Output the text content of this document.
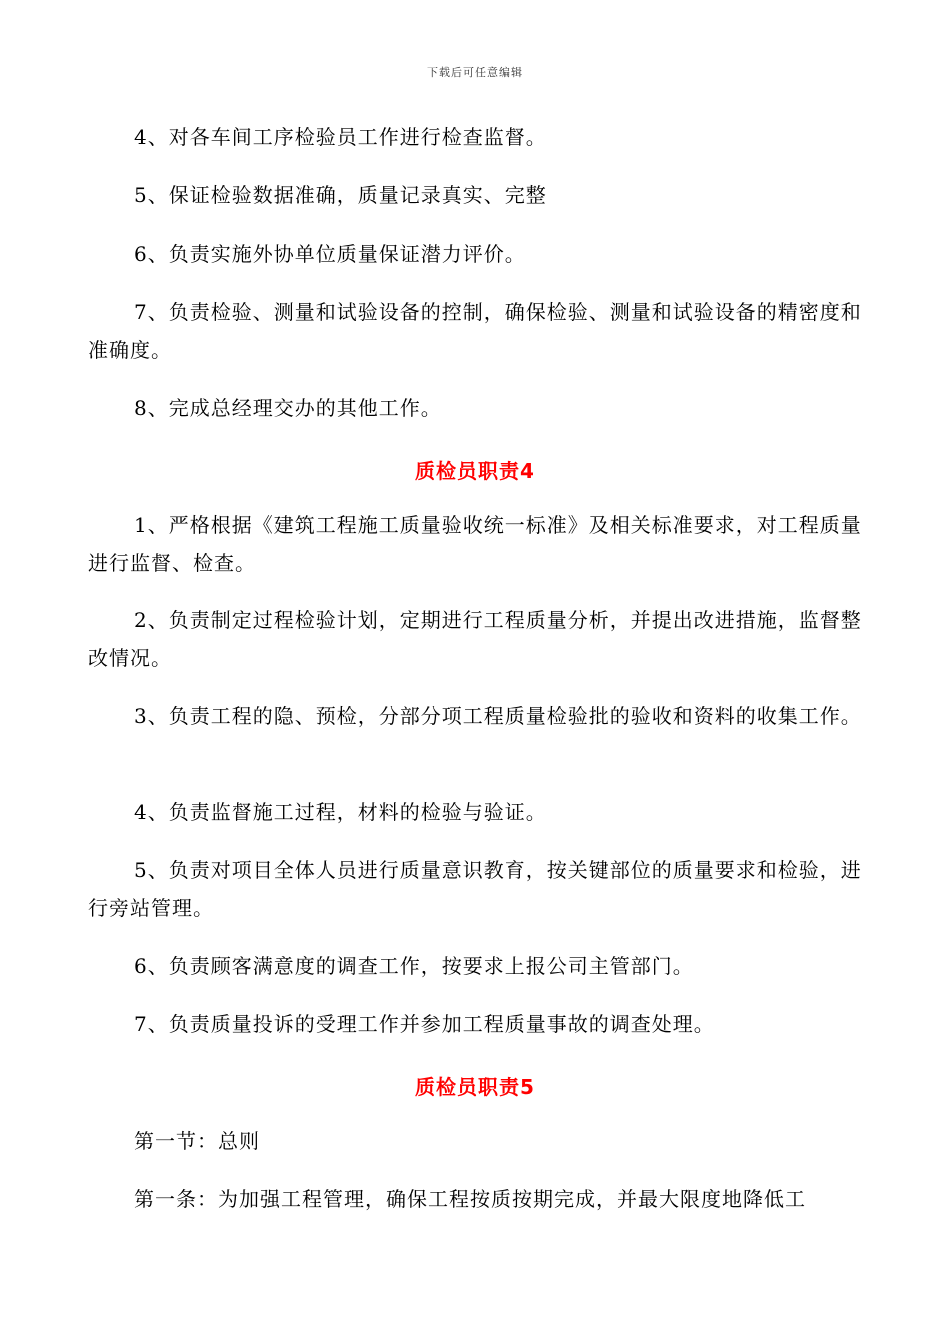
下载后可任意编辑
4、对各车间工序检验员工作进行检查监督。
5、保证检验数据准确，质量记录真实、完整
6、负责实施外协单位质量保证潜力评价。
7、负责检验、测量和试验设备的控制，确保检验、测量和试验设备的精密度和准确度。
8、完成总经理交办的其他工作。
质检员职责4
1、严格根据《建筑工程施工质量验收统一标准》及相关标准要求，对工程质量进行监督、检查。
2、负责制定过程检验计划，定期进行工程质量分析，并提出改进措施，监督整改情况。
3、负责工程的隐、预检，分部分项工程质量检验批的验收和资料的收集工作。
4、负责监督施工过程，材料的检验与验证。
5、负责对项目全体人员进行质量意识教育，按关键部位的质量要求和检验，进行旁站管理。
6、负责顾客满意度的调查工作，按要求上报公司主管部门。
7、负责质量投诉的受理工作并参加工程质量事故的调查处理。
质检员职责5
第一节：总则
第一条：为加强工程管理，确保工程按质按期完成，并最大限度地降低工
